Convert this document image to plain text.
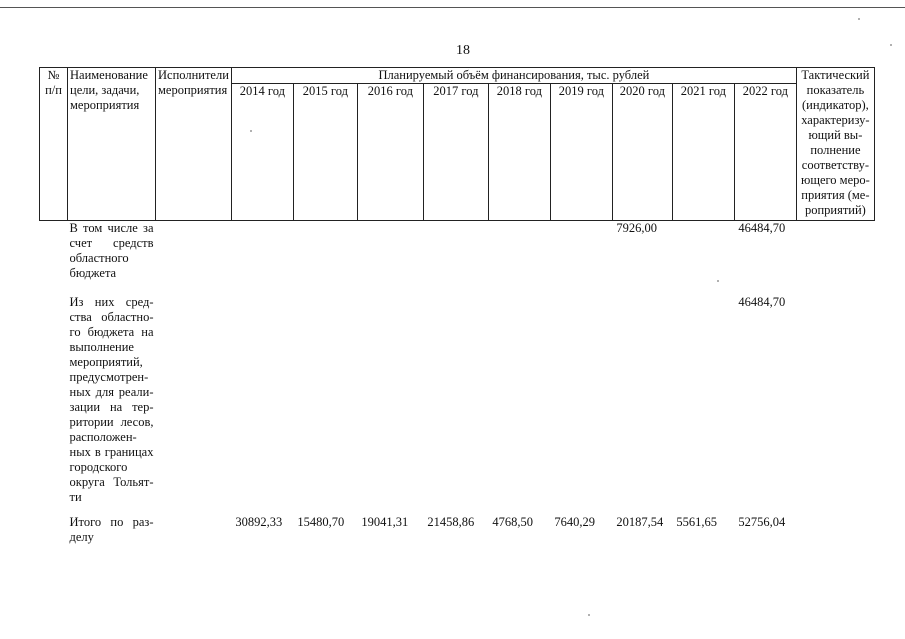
18
№ п/п	Наименование цели, задачи, мероприятия	Исполнители мероприятия	Планируемый объём финансирования, тыс. рублей									Тактический показатель (индикатор), характеризу-ющий вы-полнение соответству-ющего меро-приятия (ме-роприятий)
			2014 год	2015 год	2016 год	2017 год	2018 год	2019 год	2020 год	2021 год	2022 год	
	В том числе за счет средств областного бюджета								7926,00		46484,70	
	Из них сред-ства областно-го бюджета на выполнение мероприятий, предусмотрен-ных для реали-зации на тер-ритории лесов, расположен-ных в границах городского округа Тольят-ти										46484,70	
	Итого по раз-делу		30892,33	15480,70	19041,31	21458,86	4768,50	7640,29	20187,54	5561,65	52756,04	
